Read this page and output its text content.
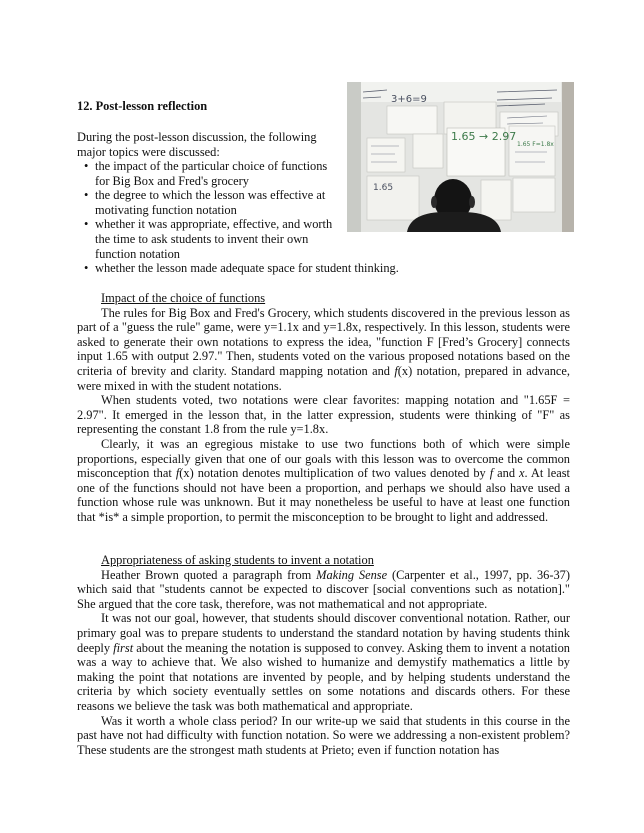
12. Post-lesson reflection	3+6=9
1.65 → 2.97
1.65 F=1.8x
1.65

During the post-lesson discussion, the following major topics were discussed:

• the impact of the particular choice of functions for Big Box and Fred's grocery
• the degree to which the lesson was effective at motivating function notation
• whether it was appropriate, effective, and worth the time to ask students to invent their own function notation
• whether the lesson made adequate space for student thinking.

Impact of the choice of functions

The rules for Big Box and Fred's Grocery, which students discovered in the previous lesson as part of a "guess the rule" game, were y=1.1x and y=1.8x, respectively. In this lesson, students were asked to generate their own notations to express the idea, "function F [Fred’s Grocery] connects input 1.65 with output 2.97." Then, students voted on the various proposed notations based on the criteria of brevity and clarity. Standard mapping notation and f(x) notation, prepared in advance, were mixed in with the student notations.

When students voted, two notations were clear favorites: mapping notation and "1.65F = 2.97". It emerged in the lesson that, in the latter expression, students were thinking of "F" as representing the constant 1.8 from the rule y=1.8x.

Clearly, it was an egregious mistake to use two functions both of which were simple proportions, especially given that one of our goals with this lesson was to overcome the common misconception that f(x) notation denotes multiplication of two values denoted by f and x. At least one of the functions should not have been a proportion, and perhaps we should also have used a function whose rule was unknown. But it may nonetheless be useful to have at least one function that *is* a simple proportion, to permit the misconception to be brought to light and addressed.

Appropriateness of asking students to invent a notation

Heather Brown quoted a paragraph from Making Sense (Carpenter et al., 1997, pp. 36-37) which said that "students cannot be expected to discover [social conventions such as notation]." She argued that the core task, therefore, was not mathematical and not appropriate.

It was not our goal, however, that students should discover conventional notation. Rather, our primary goal was to prepare students to understand the standard notation by having students think deeply first about the meaning the notation is supposed to convey. Asking them to invent a notation was a way to achieve that. We also wished to humanize and demystify mathematics a little by making the point that notations are invented by people, and by helping students understand the criteria by which society eventually settles on some notations and discards others. For these reasons we believe the task was both mathematical and appropriate.

Was it worth a whole class period? In our write-up we said that students in this course in the past have not had difficulty with function notation. So were we addressing a non-existent problem? These students are the strongest math students at Prieto; even if function notation has
